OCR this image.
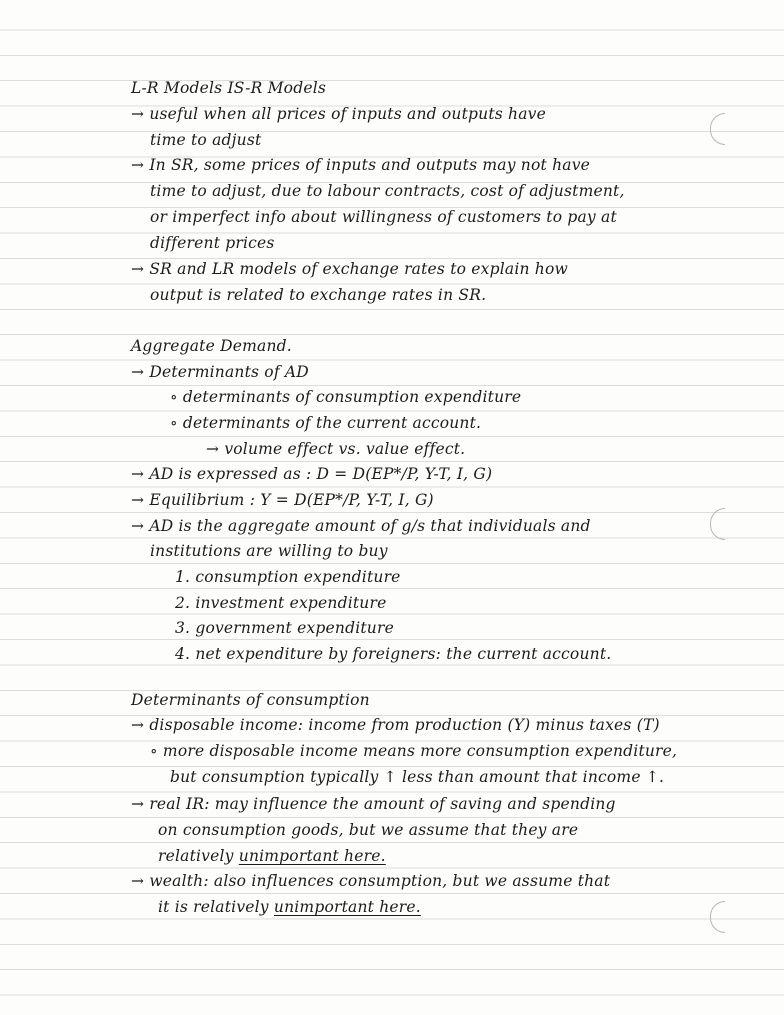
L-R Models IS-R Models
→ useful when all prices of inputs and outputs have
time to adjust
→ In SR, some prices of inputs and outputs may not have
time to adjust, due to labour contracts, cost of adjustment,
or imperfect info about willingness of customers to pay at
different prices
→ SR and LR models of exchange rates to explain how
output is related to exchange rates in SR.
Aggregate Demand.
→ Determinants of AD
∘ determinants of consumption expenditure
∘ determinants of the current account.
→ volume effect vs. value effect.
→ AD is expressed as : D = D(EP*/P, Y-T, I, G)
→ Equilibrium : Y = D(EP*/P, Y-T, I, G)
→ AD is the aggregate amount of g/s that individuals and
institutions are willing to buy
1. consumption expenditure
2. investment expenditure
3. government expenditure
4. net expenditure by foreigners: the current account.
Determinants of consumption
→ disposable income: income from production (Y) minus taxes (T)
∘ more disposable income means more consumption expenditure,
but consumption typically ↑ less than amount that income ↑.
→ real IR: may influence the amount of saving and spending
on consumption goods, but we assume that they are
relatively unimportant here.
→ wealth: also influences consumption, but we assume that
it is relatively unimportant here.
